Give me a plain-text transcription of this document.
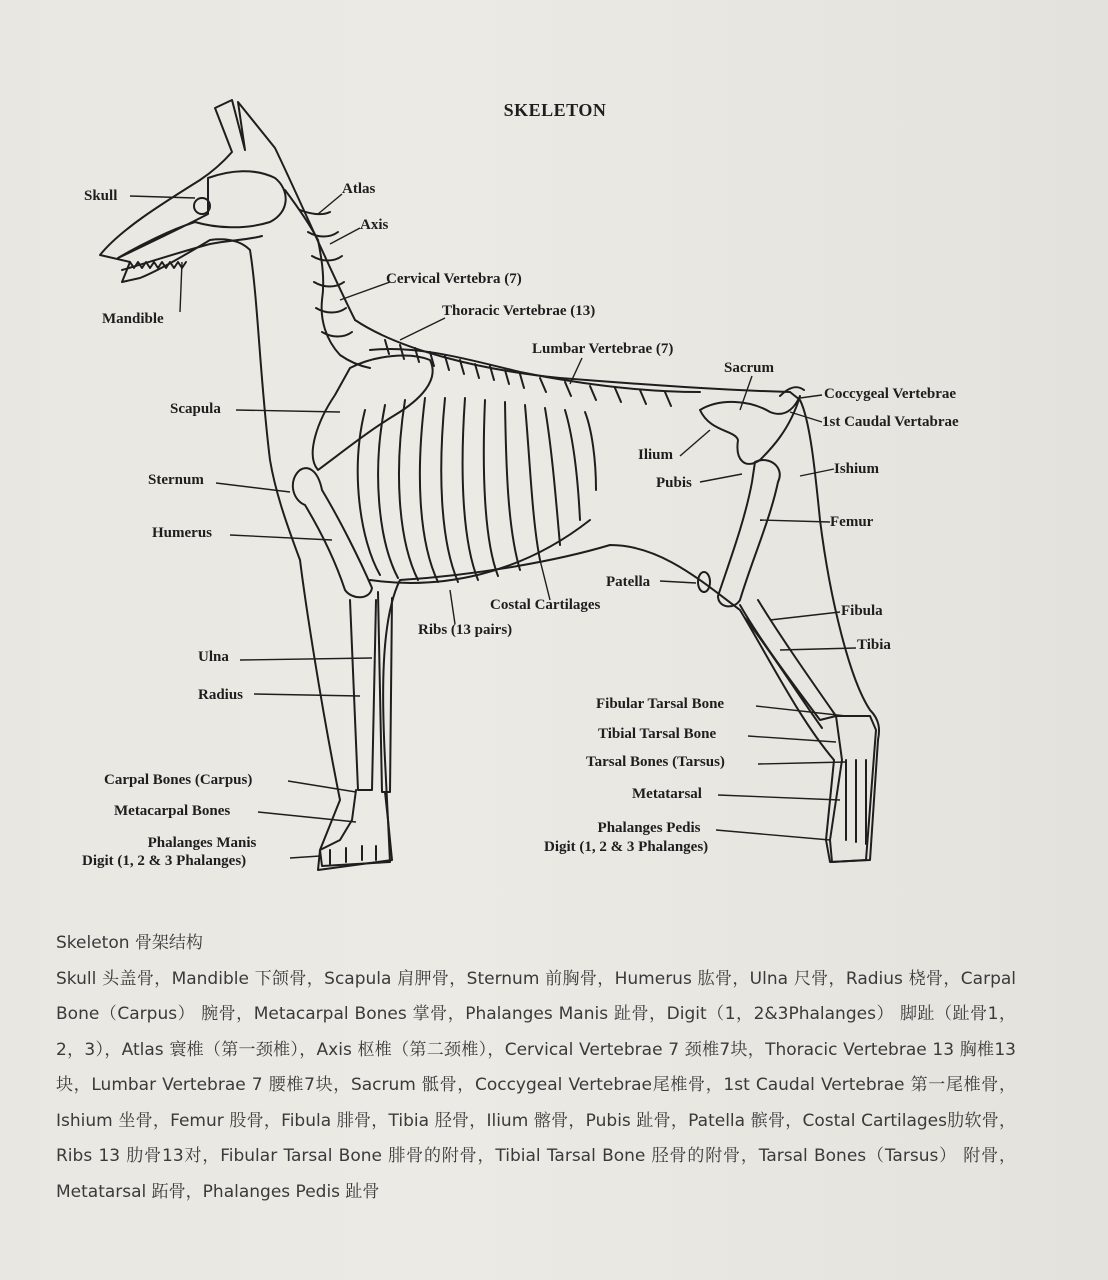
SKELETON
Skull	Atlas
Axis
Mandible
Cervical Vertebra (7)
Thoracic Vertebrae (13)
Lumbar Vertebrae (7)
Sacrum
Coccygeal Vertebrae
1st Caudal Vertabrae
Scapula
Ilium
Pubis
Ishium
Sternum
Femur
Humerus
Patella
Costal Cartilages
Ribs (13 pairs)
Fibula
Tibia
Ulna
Radius
Fibular Tarsal Bone
Tibial Tarsal Bone
Tarsal Bones (Tarsus)
Metatarsal
Carpal Bones (Carpus)
Metacarpal Bones
Phalanges Manis
Digit (1, 2 & 3 Phalanges)
Phalanges Pedis
Digit (1, 2 & 3 Phalanges)
Skeleton 骨架结构
Skull 头盖骨，Mandible 下颌骨，Scapula 肩胛骨，Sternum 前胸骨，Humerus 肱骨，Ulna 尺骨，Radius 桡骨，Carpal Bone（Carpus） 腕骨，Metacarpal Bones 掌骨，Phalanges Manis 趾骨，Digit（1，2&3Phalanges） 脚趾（趾骨1，2，3），Atlas 寰椎（第一颈椎），Axis 枢椎（第二颈椎），Cervical Vertebrae 7 颈椎7块，Thoracic Vertebrae 13 胸椎13块，Lumbar Vertebrae 7 腰椎7块，Sacrum 骶骨，Coccygeal Vertebrae尾椎骨，1st Caudal Vertebrae 第一尾椎骨，Ishium 坐骨，Femur 股骨，Fibula 腓骨，Tibia 胫骨，Ilium 髂骨，Pubis 趾骨，Patella 髌骨，Costal Cartilages肋软骨，Ribs 13 肋骨13对，Fibular Tarsal Bone 腓骨的附骨，Tibial Tarsal Bone 胫骨的附骨，Tarsal Bones（Tarsus） 附骨，Metatarsal 跖骨，Phalanges Pedis 趾骨
